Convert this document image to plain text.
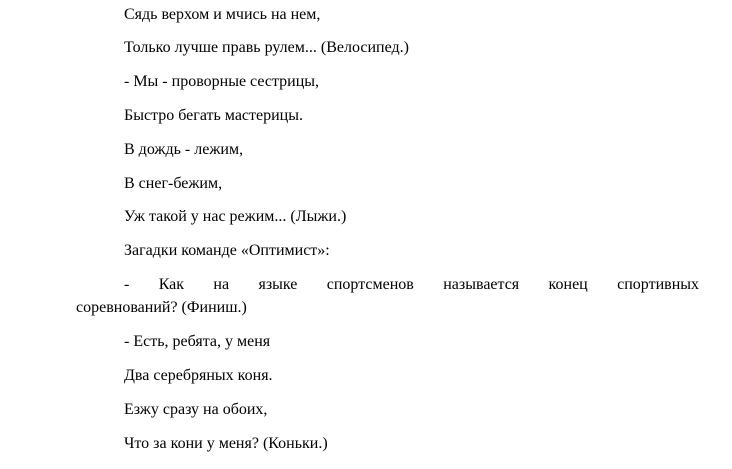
Сядь верхом и мчись на нем,
Только лучше правь рулем... (Велосипед.)
- Мы - проворные сестрицы,
Быстро бегать мастерицы.
В дождь - лежим,
В снег-бежим,
Уж такой у нас режим... (Лыжи.)
Загадки команде «Оптимист»:
- Как на языке спортсменов называется конец спортивных
соревнований? (Финиш.)
- Есть, ребята, у меня
Два серебряных коня.
Езжу сразу на обоих,
Что за кони у меня? (Коньки.)
